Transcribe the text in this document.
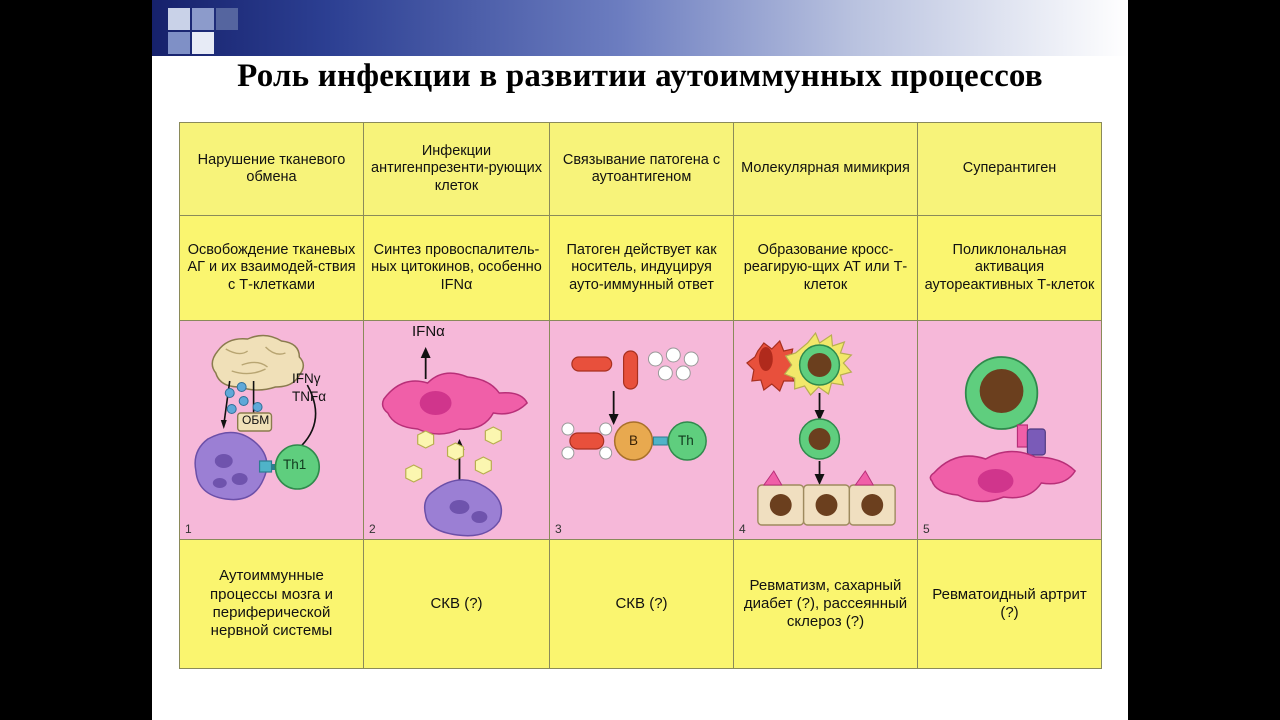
Роль инфекции в развитии аутоиммунных процессов
Нарушение тканевого обмена	Инфекции антигенпрезенти-рующих клеток	Связывание патогена с аутоантигеном	Молекулярная мимикрия	Суперантиген
Освобождение тканевых АГ и их взаимодей-ствия с Т-клетками	Синтез провоспалитель-ных цитокинов, особенно IFNα	Патоген действует как носитель, индуцируя ауто-иммунный ответ	Образование кросс-реагирую-щих АТ или Т-клеток	Поликлональная активация аутореактивных Т-клеток

IFNγ
TNFα
ОБМ
Th1
1

IFNα
2

B	Th
3	4	5

Аутоиммунные процессы мозга и периферической нервной системы	СКВ (?)	СКВ (?)	Ревматизм, сахарный диабет (?), рассеянный склероз (?)	Ревматоидный артрит (?)
